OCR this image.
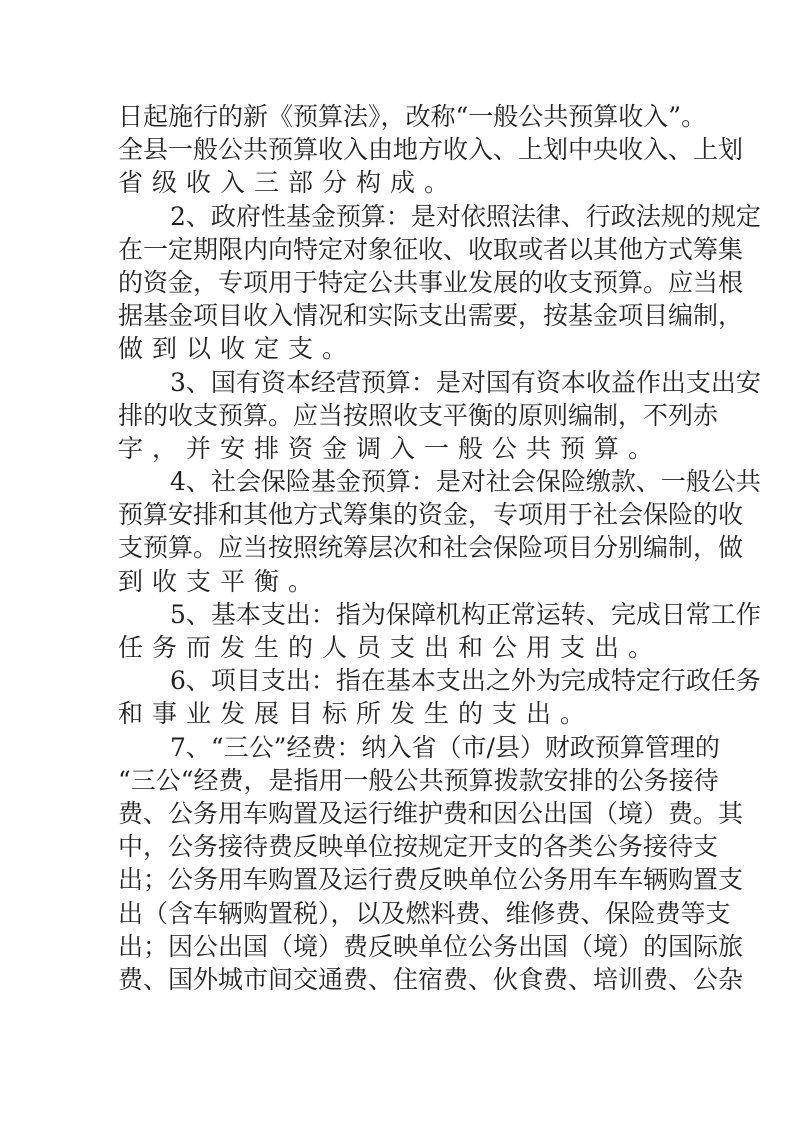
日起施行的新《预算法》，改称“一般公共预算收入”。
全县一般公共预算收入由地方收入、上划中央收入、上划
省级收入三部分构成。
2、政府性基金预算：是对依照法律、行政法规的规定
在一定期限内向特定对象征收、收取或者以其他方式筹集
的资金，专项用于特定公共事业发展的收支预算。应当根
据基金项目收入情况和实际支出需要，按基金项目编制，
做到以收定支。
3、国有资本经营预算：是对国有资本收益作出支出安
排的收支预算。应当按照收支平衡的原则编制，不列赤
字，并安排资金调入一般公共预算。
4、社会保险基金预算：是对社会保险缴款、一般公共
预算安排和其他方式筹集的资金，专项用于社会保险的收
支预算。应当按照统筹层次和社会保险项目分别编制，做
到收支平衡。
5、基本支出：指为保障机构正常运转、完成日常工作
任务而发生的人员支出和公用支出。
6、项目支出：指在基本支出之外为完成特定行政任务
和事业发展目标所发生的支出。
7、“三公”经费：纳入省（市/县）财政预算管理的
“三公“经费，是指用一般公共预算拨款安排的公务接待
费、公务用车购置及运行维护费和因公出国（境）费。其
中，公务接待费反映单位按规定开支的各类公务接待支
出；公务用车购置及运行费反映单位公务用车车辆购置支
出（含车辆购置税），以及燃料费、维修费、保险费等支
出；因公出国（境）费反映单位公务出国（境）的国际旅
费、国外城市间交通费、住宿费、伙食费、培训费、公杂
